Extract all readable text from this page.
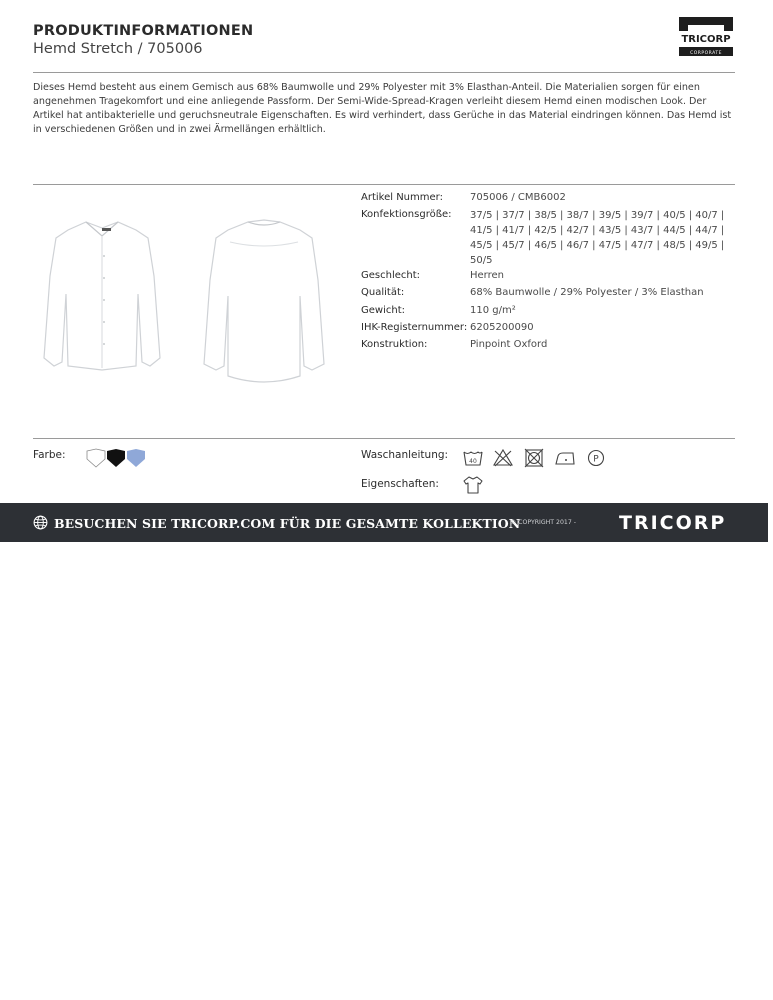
PRODUKTINFORMATIONEN
Hemd Stretch / 705006
TRICORP
CORPORATE
Dieses Hemd besteht aus einem Gemisch aus 68% Baumwolle und 29% Polyester mit 3% Elasthan-Anteil. Die Materialien sorgen für einen angenehmen Tragekomfort und eine anliegende Passform. Der Semi-Wide-Spread-Kragen verleiht diesem Hemd einen modischen Look. Der Artikel hat antibakterielle und geruchsneutrale Eigenschaften. Es wird verhindert, dass Gerüche in das Material eindringen können. Das Hemd ist in verschiedenen Größen und in zwei Ärmellängen erhältlich.
Artikel Nummer:	705006 / CMB6002
Konfektionsgröße: 37/5 | 37/7 | 38/5 | 38/7 | 39/5 | 39/7 | 40/5 | 40/7 |
41/5 | 41/7 | 42/5 | 42/7 | 43/5 | 43/7 | 44/5 | 44/7 |
45/5 | 45/7 | 46/5 | 46/7 | 47/5 | 47/7 | 48/5 | 49/5 |
50/5
Geschlecht:	Herren
Qualität:	68% Baumwolle / 29% Polyester / 3% Elasthan
Gewicht:	110 g/m²
IHK-Registernummer: 6205200090
Konstruktion:	Pinpoint Oxford
Farbe:	Waschanleitung:
40	P
Eigenschaften:
BESUCHEN SIE TRICORP.COM FÜR DIE GESAMTE KOLLEKTION
© COPYRIGHT 2017 - TRICORP
